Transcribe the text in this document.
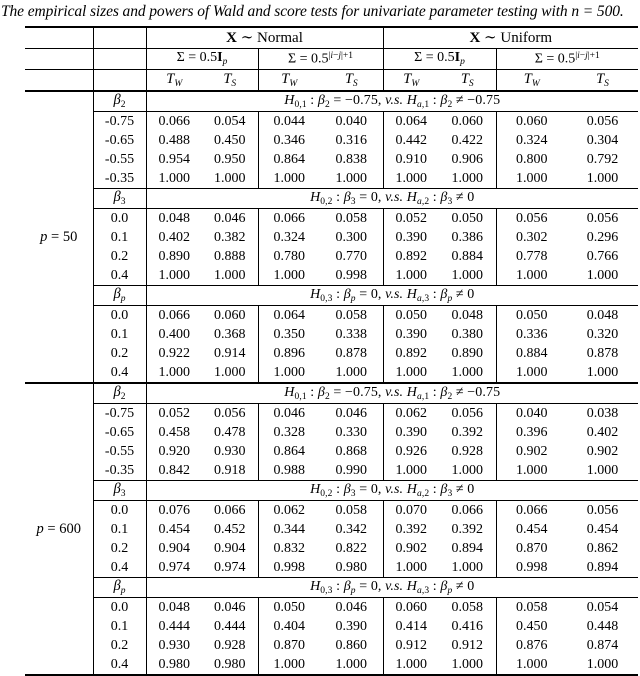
The empirical sizes and powers of Wald and score tests for univariate parameter testing with n = 500.
		X ∼ Normal				X ∼ Uniform			
		$\Sigma = 0.5I_p$		$\Sigma = 0.5^{|i-j|+1}$		$\Sigma = 0.5I_p$		$\Sigma = 0.5^{|i-j|+1}$
		$T_W$	$T_S$	$T_W$	$T_S$	$T_W$	$T_S$	$T_W$	$T_S$
p = 50	$\beta_2$	$H_{0,1}$ : $\beta_2 = -0.75$, v.s. $H_{a,1}$ : $\beta_2 \ne -0.75$							
	-0.75	0.066	0.054	0.044	0.040	0.064	0.060	0.060	0.056
	-0.65	0.488	0.450	0.346	0.316	0.442	0.422	0.324	0.304
	-0.55	0.954	0.950	0.864	0.838	0.910	0.906	0.800	0.792
	-0.35	1.000	1.000	1.000	1.000	1.000	1.000	1.000	1.000
	$\beta_3$	$H_{0,2}$ : $\beta_3 = 0$, v.s. $H_{a,2}$ : $\beta_3 \ne 0$							
	0.0	0.048	0.046	0.066	0.058	0.052	0.050	0.056	0.056
	0.1	0.402	0.382	0.324	0.300	0.390	0.386	0.302	0.296
	0.2	0.890	0.888	0.780	0.770	0.892	0.884	0.778	0.766
	0.4	1.000	1.000	1.000	0.998	1.000	1.000	1.000	1.000
	$\beta_p$	$H_{0,3}$ : $\beta_p = 0$, v.s. $H_{a,3}$ : $\beta_p \ne 0$							
	0.0	0.066	0.060	0.064	0.058	0.050	0.048	0.050	0.048
	0.1	0.400	0.368	0.350	0.338	0.390	0.380	0.336	0.320
	0.2	0.922	0.914	0.896	0.878	0.892	0.890	0.884	0.878
	0.4	1.000	1.000	1.000	1.000	1.000	1.000	1.000	1.000
p = 600	$\beta_2$	$H_{0,1}$ : $\beta_2 = -0.75$, v.s. $H_{a,1}$ : $\beta_2 \ne -0.75$							
	-0.75	0.052	0.056	0.046	0.046	0.062	0.056	0.040	0.038
	-0.65	0.458	0.478	0.328	0.330	0.390	0.392	0.396	0.402
	-0.55	0.920	0.930	0.864	0.868	0.926	0.928	0.902	0.902
	-0.35	0.842	0.918	0.988	0.990	1.000	1.000	1.000	1.000
	$\beta_3$	$H_{0,2}$ : $\beta_3 = 0$, v.s. $H_{a,2}$ : $\beta_3 \ne 0$							
	0.0	0.076	0.066	0.062	0.058	0.070	0.066	0.066	0.056
	0.1	0.454	0.452	0.344	0.342	0.392	0.392	0.454	0.454
	0.2	0.904	0.904	0.832	0.822	0.902	0.894	0.870	0.862
	0.4	0.974	0.974	0.998	0.980	1.000	1.000	0.998	0.894
	$\beta_p$	$H_{0,3}$ : $\beta_p = 0$, v.s. $H_{a,3}$ : $\beta_p \ne 0$							
	0.0	0.048	0.046	0.050	0.046	0.060	0.058	0.058	0.054
	0.1	0.444	0.444	0.404	0.390	0.414	0.416	0.450	0.448
	0.2	0.930	0.928	0.870	0.860	0.912	0.912	0.876	0.874
	0.4	0.980	0.980	1.000	1.000	1.000	1.000	1.000	1.000
